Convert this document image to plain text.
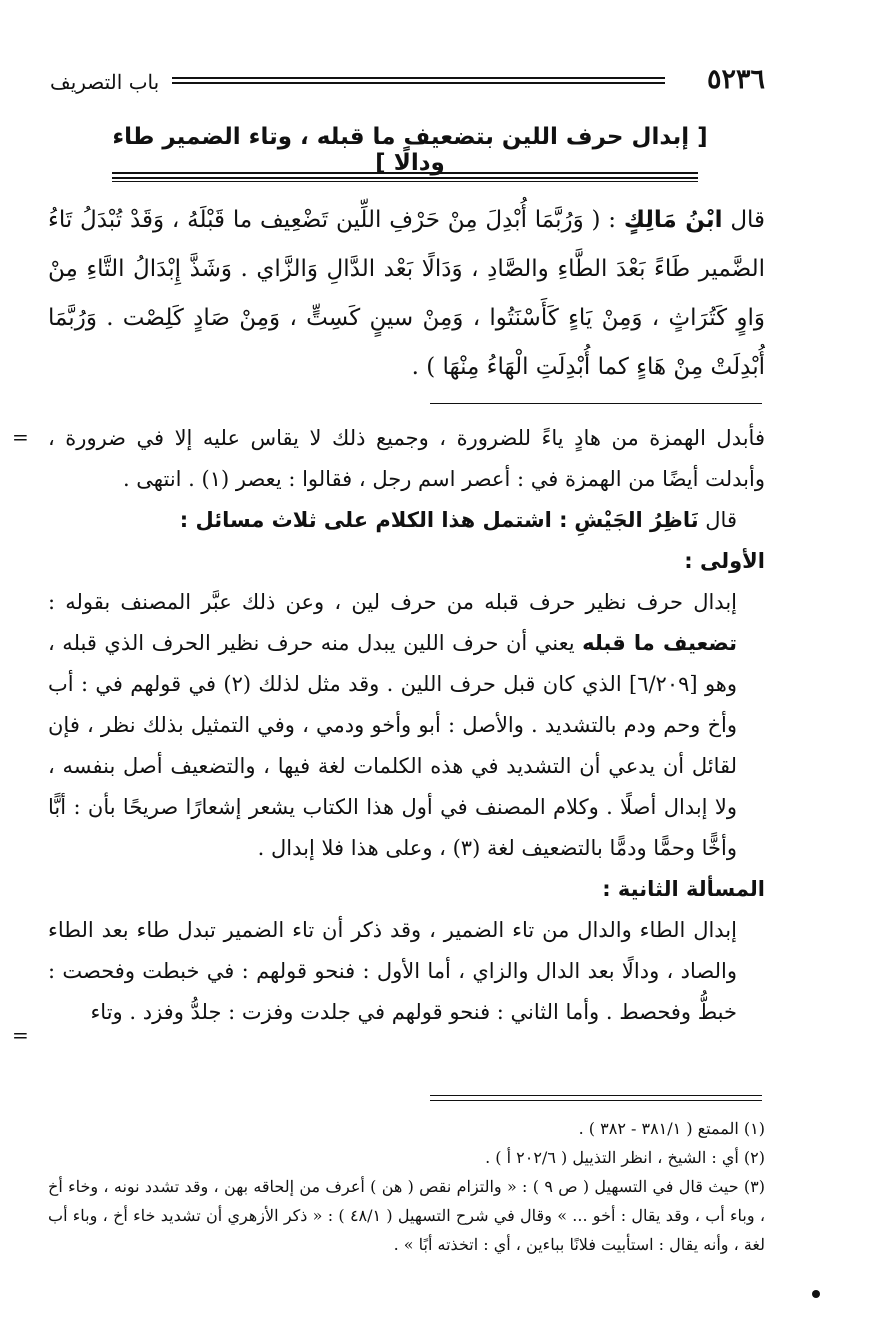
٥٢٣٦
باب التصريف
[ إبدال حرف اللين بتضعيف ما قبله ، وتاء الضمير طاء ودالًا ]

قال ابْنُ مَالِكٍ : ( وَرُبَّمَا أُبْدِلَ مِنْ حَرْفِ اللِّين تَضْعِيف ما قَبْلَهُ ، وَقَدْ تُبْدَلُ تَاءُ الضَّمير طَاءً بَعْدَ الطَّاءِ والصَّادِ ، وَدَالًا بَعْد الدَّالِ وَالزَّاي . وَشَذَّ إِبْدَالُ التَّاءِ مِنْ وَاوٍ كَتُرَاثٍ ، وَمِنْ يَاءٍ كَأَسْنَتُوا ، وَمِنْ سينٍ كَسِتٍّ ، وَمِنْ صَادٍ كَلِصْت . وَرُبَّمَا أُبْدِلَتْ مِنْ هَاءٍ كما أُبْدِلَتِ الْهَاءُ مِنْهَا ) .

= فأبدل الهمزة من هادٍ ياءً للضرورة ، وجميع ذلك لا يقاس عليه إلا في ضرورة ، وأبدلت أيضًا من الهمزة في : أعصر اسم رجل ، فقالوا : يعصر (١) . انتهى .

قال نَاظِرُ الجَيْشِ : اشتمل هذا الكلام على ثلاث مسائل :

الأولى :

إبدال حرف نظير حرف قبله من حرف لين ، وعن ذلك عبَّر المصنف بقوله : تضعيف ما قبله يعني أن حرف اللين يبدل منه حرف نظير الحرف الذي قبله ، وهو [٦/٢٠٩] الذي كان قبل حرف اللين . وقد مثل لذلك (٢) في قولهم في : أب وأخ وحم ودم بالتشديد . والأصل : أبو وأخو ودمي ، وفي التمثيل بذلك نظر ، فإن لقائل أن يدعي أن التشديد في هذه الكلمات لغة فيها ، والتضعيف أصل بنفسه ، ولا إبدال أصلًا . وكلام المصنف في أول هذا الكتاب يشعر إشعارًا صريحًا بأن : أبًّا وأخًّا وحمًّا ودمًّا بالتضعيف لغة (٣) ، وعلى هذا فلا إبدال .

المسألة الثانية :

إبدال الطاء والدال من تاء الضمير ، وقد ذكر أن تاء الضمير تبدل طاء بعد الطاء والصاد ، ودالًا بعد الدال والزاي ، أما الأول : فنحو قولهم : في خبطت وفحصت : خبطُّ وفحصط . وأما الثاني : فنحو قولهم في جلدت وفزت : جلدُّ وفزد . وتاء

=

(١) الممتع ( ٣٨١/١ - ٣٨٢ ) .

(٢) أي : الشيخ ، انظر التذييل ( ٢٠٢/٦ أ ) .

(٣) حيث قال في التسهيل ( ص ٩ ) : « والتزام نقص ( هن ) أعرف من إلحاقه بهن ، وقد تشدد نونه ، وخاء أخ ، وباء أب ، وقد يقال : أخو ... » وقال في شرح التسهيل ( ٤٨/١ ) : « ذكر الأزهري أن تشديد خاء أخ ، وباء أب لغة ، وأنه يقال : استأبيت فلانًا بباءين ، أي : اتخذته أبًا » .
